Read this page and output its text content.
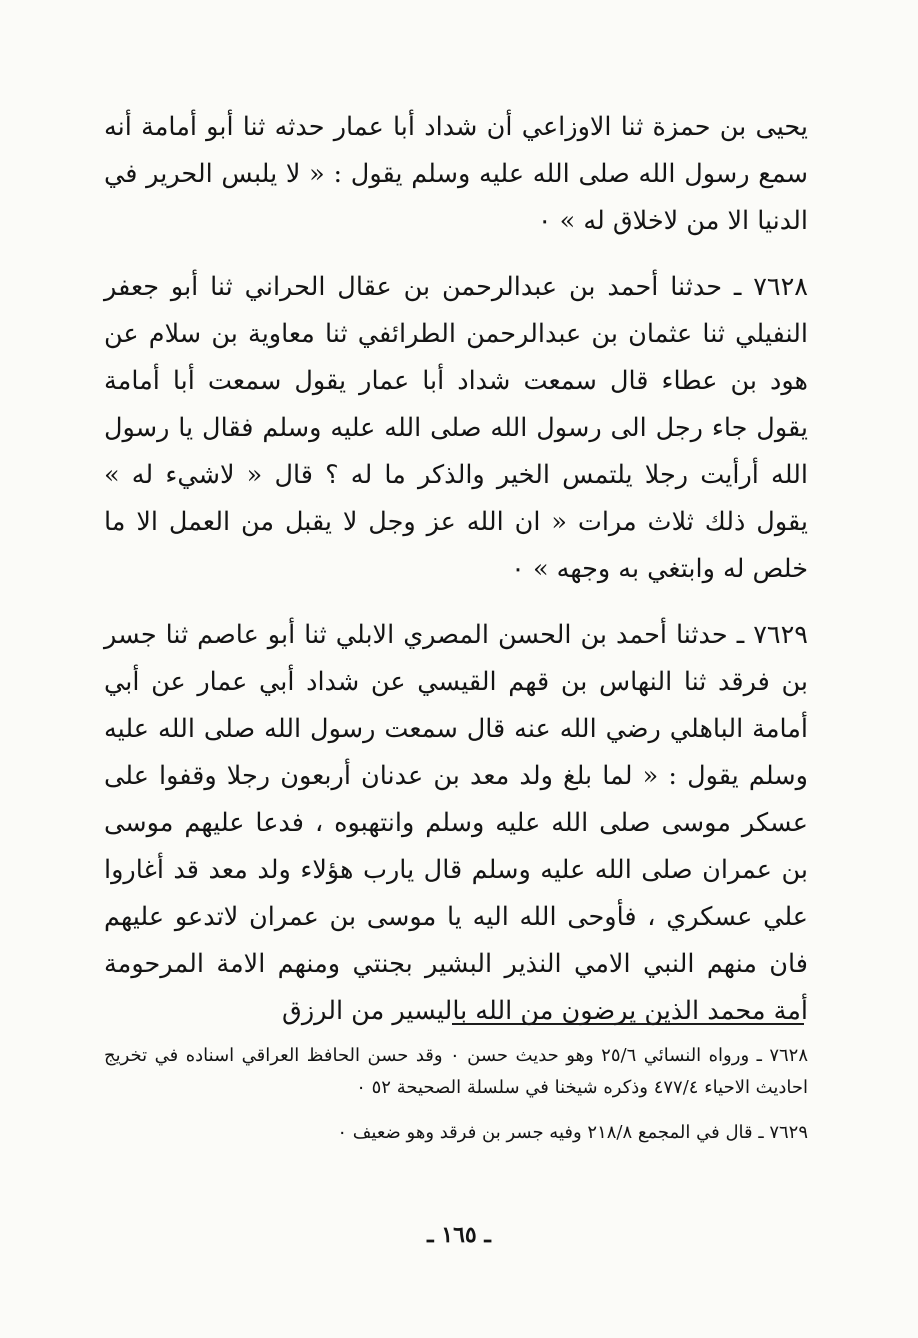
يحيى بن حمزة ثنا الاوزاعي أن شداد أبا عمار حدثه ثنا أبو أمامة أنه سمع رسول الله صلى الله عليه وسلم يقول : « لا يلبس الحرير في الدنيا الا من لاخلاق له » ٠

٧٦٢٨ ـ حدثنا أحمد بن عبدالرحمن بن عقال الحراني ثنا أبو جعفر النفيلي ثنا عثمان بن عبدالرحمن الطرائفي ثنا معاوية بن سلام عن هود بن عطاء قال سمعت شداد أبا عمار يقول سمعت أبا أمامة يقول جاء رجل الى رسول الله صلى الله عليه وسلم فقال يا رسول الله أرأيت رجلا يلتمس الخير والذكر ما له ؟ قال « لاشيء له » يقول ذلك ثلاث مرات « ان الله عز وجل لا يقبل من العمل الا ما خلص له وابتغي به وجهه » ٠

٧٦٢٩ ـ حدثنا أحمد بن الحسن المصري الابلي ثنا أبو عاصم ثنا جسر بن فرقد ثنا النهاس بن قهم القيسي عن شداد أبي عمار عن أبي أمامة الباهلي رضي الله عنه قال سمعت رسول الله صلى الله عليه وسلم يقول : « لما بلغ ولد معد بن عدنان أربعون رجلا وقفوا على عسكر موسى صلى الله عليه وسلم وانتهبوه ، فدعا عليهم موسى بن عمران صلى الله عليه وسلم قال يارب هؤلاء ولد معد قد أغاروا علي عسكري ، فأوحى الله اليه يا موسى بن عمران لاتدعو عليهم فان منهم النبي الامي النذير البشير بجنتي ومنهم الامة المرحومة أمة محمد الذين يرضون من الله باليسير من الرزق

٧٦٢٨ ـ ورواه النسائي ٢٥/٦ وهو حديث حسن ٠ وقد حسن الحافظ العراقي اسناده في تخريج احاديث الاحياء ٤٧٧/٤ وذكره شيخنا في سلسلة الصحيحة ٥٢ ٠

٧٦٢٩ ـ قال في المجمع ٢١٨/٨ وفيه جسر بن فرقد وهو ضعيف ٠

ـ ١٦٥ ـ
